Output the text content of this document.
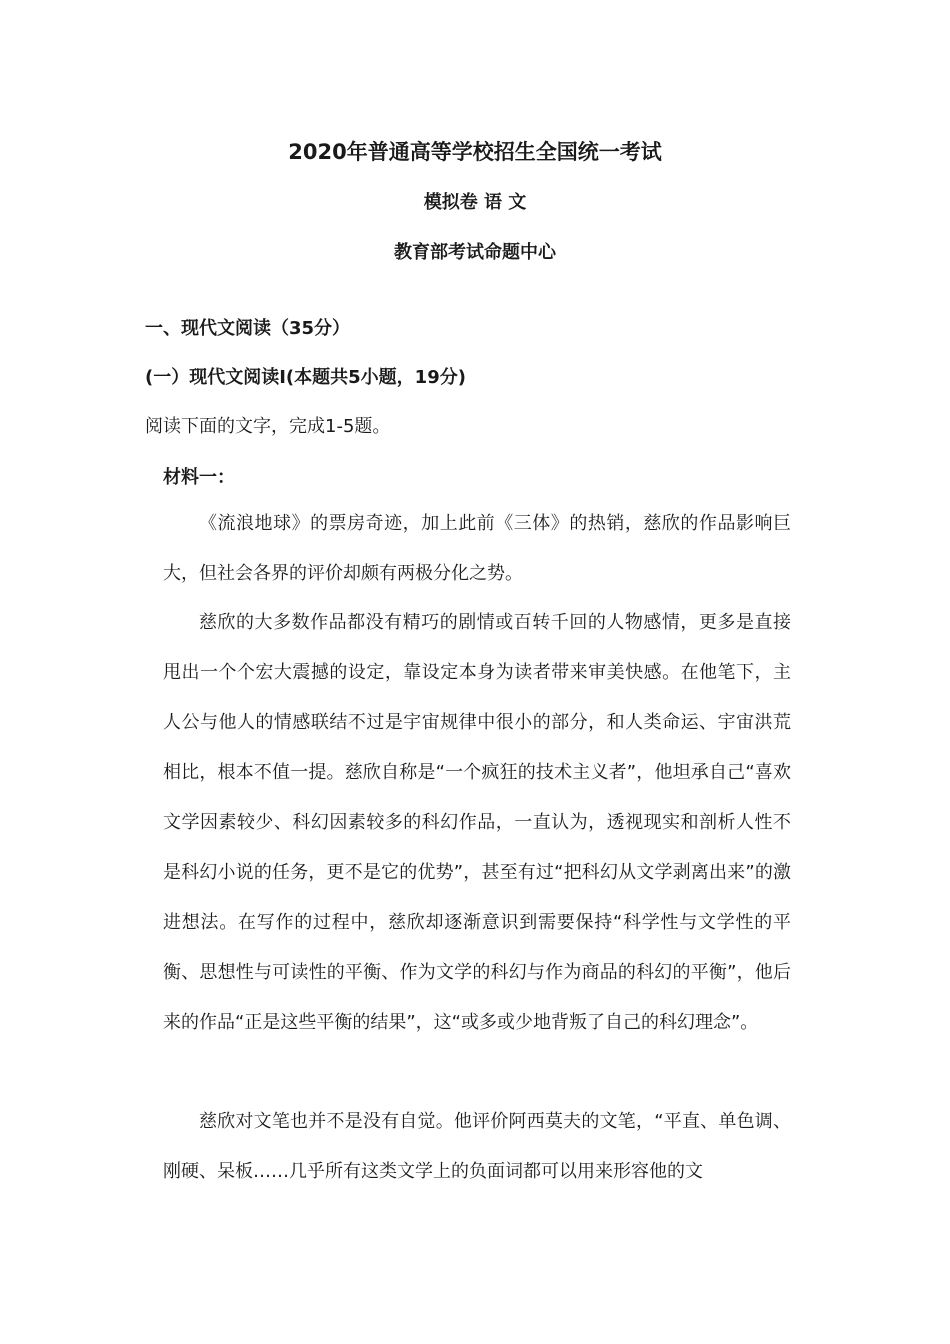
2020年普通高等学校招生全国统一考试
模拟卷 语 文
教育部考试命题中心
一、现代文阅读（35分）
(一）现代文阅读I(本题共5小题，19分)
阅读下面的文字，完成1-5题。
材料一：

《流浪地球》的票房奇迹，加上此前《三体》的热销，慈欣的作品影响巨大，但社会各界的评价却颇有两极分化之势。

慈欣的大多数作品都没有精巧的剧情或百转千回的人物感情，更多是直接甩出一个个宏大震撼的设定，靠设定本身为读者带来审美快感。在他笔下，主人公与他人的情感联结不过是宇宙规律中很小的部分，和人类命运、宇宙洪荒相比，根本不值一提。慈欣自称是“一个疯狂的技术主义者”，他坦承自己“喜欢文学因素较少、科幻因素较多的科幻作品，一直认为，透视现实和剖析人性不是科幻小说的任务，更不是它的优势”，甚至有过“把科幻从文学剥离出来”的激进想法。在写作的过程中，慈欣却逐渐意识到需要保持“科学性与文学性的平衡、思想性与可读性的平衡、作为文学的科幻与作为商品的科幻的平衡”，他后来的作品“正是这些平衡的结果”，这“或多或少地背叛了自己的科幻理念”。

慈欣对文笔也并不是没有自觉。他评价阿西莫夫的文笔，“平直、单色调、刚硬、呆板……几乎所有这类文学上的负面词都可以用来形容他的文
